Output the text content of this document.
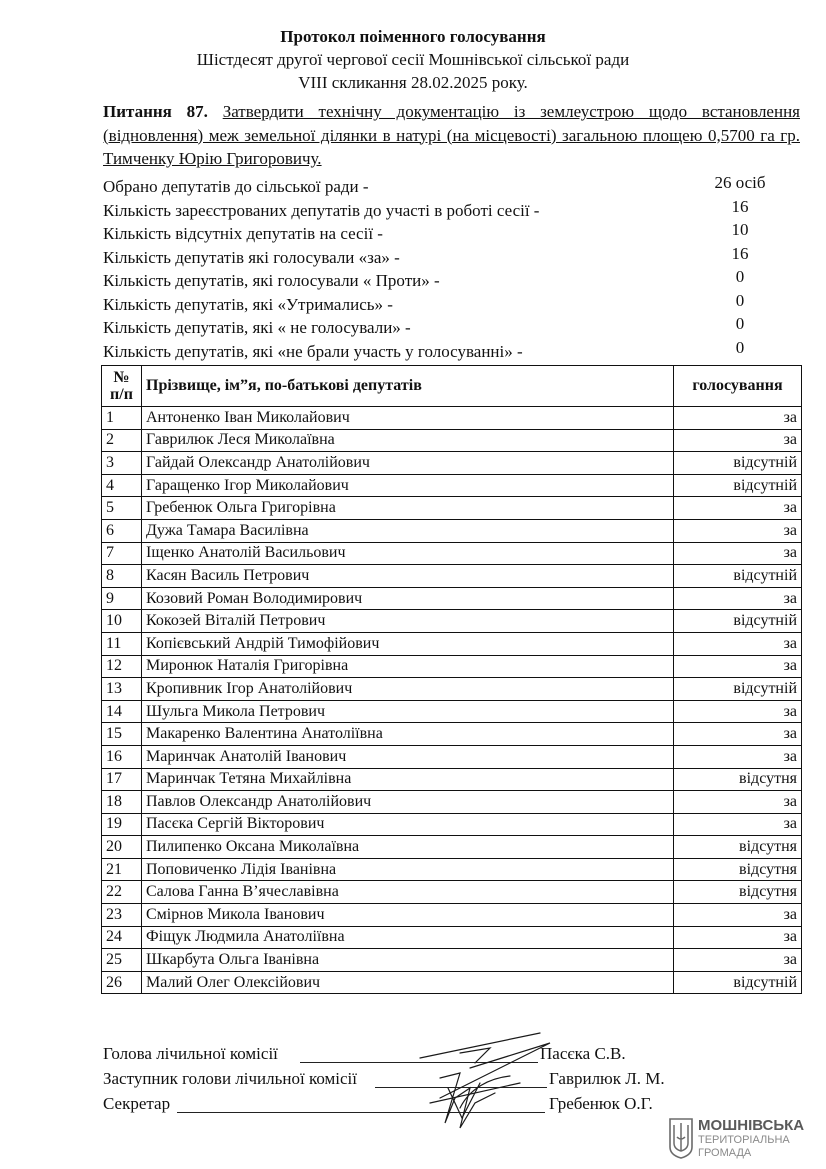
Протокол поіменного голосування
Шістдесят другої чергової сесії Мошнівської сільської ради
VIII скликання 28.02.2025 року.
Питання 87. Затвердити технічну документацію із землеустрою щодо встановлення (відновлення) меж земельної ділянки в натурі (на місцевості) загальною площею 0,5700 га гр. Тимченку Юрію Григоровичу.
Обрано депутатів до сільської ради -	26 осіб
Кількість зареєстрованих депутатів до участі в роботі сесії -	16
Кількість відсутніх депутатів на сесії -	10
Кількість депутатів які голосували «за» -	16
Кількість депутатів, які голосували « Проти» -	0
Кількість депутатів, які «Утримались» -	0
Кількість депутатів, які « не голосували» -	0
Кількість депутатів, які «не брали участь у голосуванні» -	0
№
п/п	Прізвище, ім”я, по-батькові депутатів	голосування
1	Антоненко Іван Миколайович	за
2	Гаврилюк Леся Миколаївна	за
3	Гайдай Олександр Анатолійович	відсутній
4	Гаращенко Ігор Миколайович	відсутній
5	Гребенюк Ольга Григорівна	за
6	Дужа Тамара Василівна	за
7	Іщенко Анатолій Васильович	за
8	Касян Василь Петрович	відсутній
9	Козовий Роман Володимирович	за
10	Кокозей Віталій Петрович	відсутній
11	Копієвський Андрій Тимофійович	за
12	Миронюк Наталія Григорівна	за
13	Кропивник Ігор Анатолійович	відсутній
14	Шульга Микола Петрович	за
15	Макаренко Валентина Анатоліївна	за
16	Маринчак Анатолій Іванович	за
17	Маринчак Тетяна Михайлівна	відсутня
18	Павлов Олександр Анатолійович	за
19	Пасєка Сергій Вікторович	за
20	Пилипенко Оксана Миколаївна	відсутня
21	Поповиченко Лідія Іванівна	відсутня
22	Салова Ганна В’ячеславівна	відсутня
23	Смірнов Микола Іванович	за
24	Фіщук Людмила Анатоліївна	за
25	Шкарбута Ольга Іванівна	за
26	Малий Олег Олексійович	відсутній
Голова лічильної комісії	Пасєка С.В.
Заступник голови лічильної комісії	Гаврилюк Л. М.
Секретар	Гребенюк О.Г.
МОШНІВСЬКА
ТЕРИТОРІАЛЬНА
ГРОМАДА
